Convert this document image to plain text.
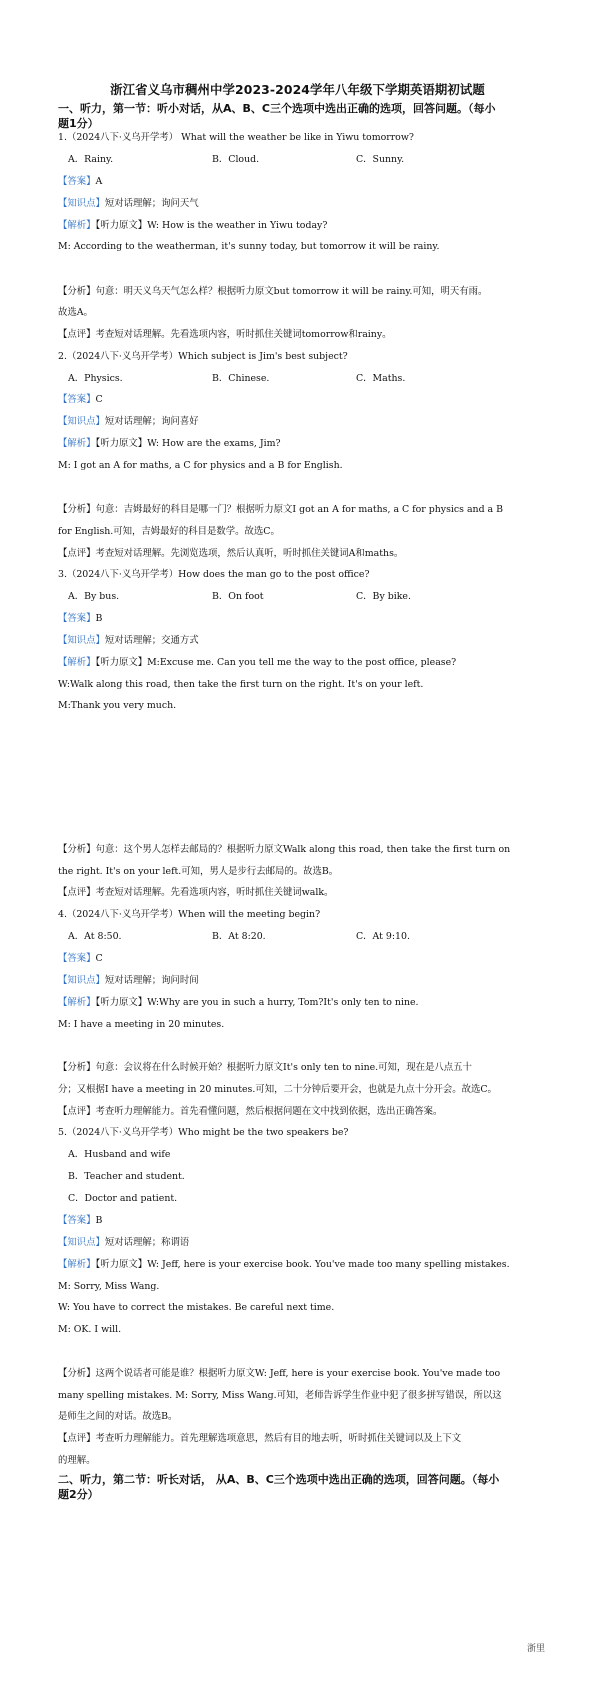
浙江省义乌市稠州中学2023-2024学年八年级下学期英语期初试题
一、听力，第一节：听小对话，从A、B、C三个选项中选出正确的选项，回答问题。（每小
题1分）
1.（2024八下·义乌开学考） What will the weather be like in Yiwu tomorrow?
A．Rainy.	B．Cloud.	C．Sunny.
【答案】A
【知识点】短对话理解；询问天气
【解析】【听力原文】W: How is the weather in Yiwu today?
M: According to the weatherman, it's sunny today, but tomorrow it will be rainy.
【分析】句意：明天义乌天气怎么样？根据听力原文but tomorrow it will be rainy.可知，明天有雨。
故选A。
【点评】考查短对话理解。先看选项内容，听时抓住关键词tomorrow和rainy。
2.（2024八下·义乌开学考）Which subject is Jim's best subject?
A．Physics.	B．Chinese.	C．Maths.
【答案】C
【知识点】短对话理解；询问喜好
【解析】【听力原文】W: How are the exams, Jim?
M: I got an A for maths, a C for physics and a B for English.
【分析】句意：吉姆最好的科目是哪一门？根据听力原文I got an A for maths, a C for physics and a B
for English.可知，吉姆最好的科目是数学。故选C。
【点评】考查短对话理解。先浏览选项，然后认真听，听时抓住关键词A和maths。
3.（2024八下·义乌开学考）How does the man go to the post office?
A．By bus.	B．On foot	C．By bike.
【答案】B
【知识点】短对话理解；交通方式
【解析】【听力原文】M:Excuse me. Can you tell me the way to the post office, please?
W:Walk along this road, then take the first turn on the right. It's on your left.
M:Thank you very much.
【分析】句意：这个男人怎样去邮局的？根据听力原文Walk along this road, then take the first turn on
the right. It's on your left.可知，男人是步行去邮局的。故选B。
【点评】考查短对话理解。先看选项内容，听时抓住关键词walk。
4.（2024八下·义乌开学考）When will the meeting begin?
A．At 8:50.	B．At 8:20.	C．At 9:10.
【答案】C
【知识点】短对话理解；询问时间
【解析】【听力原文】W:Why are you in such a hurry, Tom?It's only ten to nine.
M: I have a meeting in 20 minutes.
【分析】句意：会议将在什么时候开始？根据听力原文It's only ten to nine.可知，现在是八点五十
分；又根据I have a meeting in 20 minutes.可知，二十分钟后要开会，也就是九点十分开会。故选C。
【点评】考查听力理解能力。首先看懂问题，然后根据问题在文中找到依据，选出正确答案。
5.（2024八下·义乌开学考）Who might be the two speakers be?
A．Husband and wife
B．Teacher and student.
C．Doctor and patient.
【答案】B
【知识点】短对话理解；称谓语
【解析】【听力原文】W: Jeff, here is your exercise book. You've made too many spelling mistakes.
M: Sorry, Miss Wang.
W: You have to correct the mistakes. Be careful next time.
M: OK. I will.
【分析】这两个说话者可能是谁？根据听力原文W: Jeff, here is your exercise book. You've made too
many spelling mistakes. M: Sorry, Miss Wang.可知，老师告诉学生作业中犯了很多拼写错误，所以这
是师生之间的对话。故选B。
【点评】考查听力理解能力。首先理解选项意思，然后有目的地去听，听时抓住关键词以及上下文
的理解。
二、听力，第二节：听长对话， 从A、B、C三个选项中选出正确的选项，回答问题。（每小
题2分）
浙里
